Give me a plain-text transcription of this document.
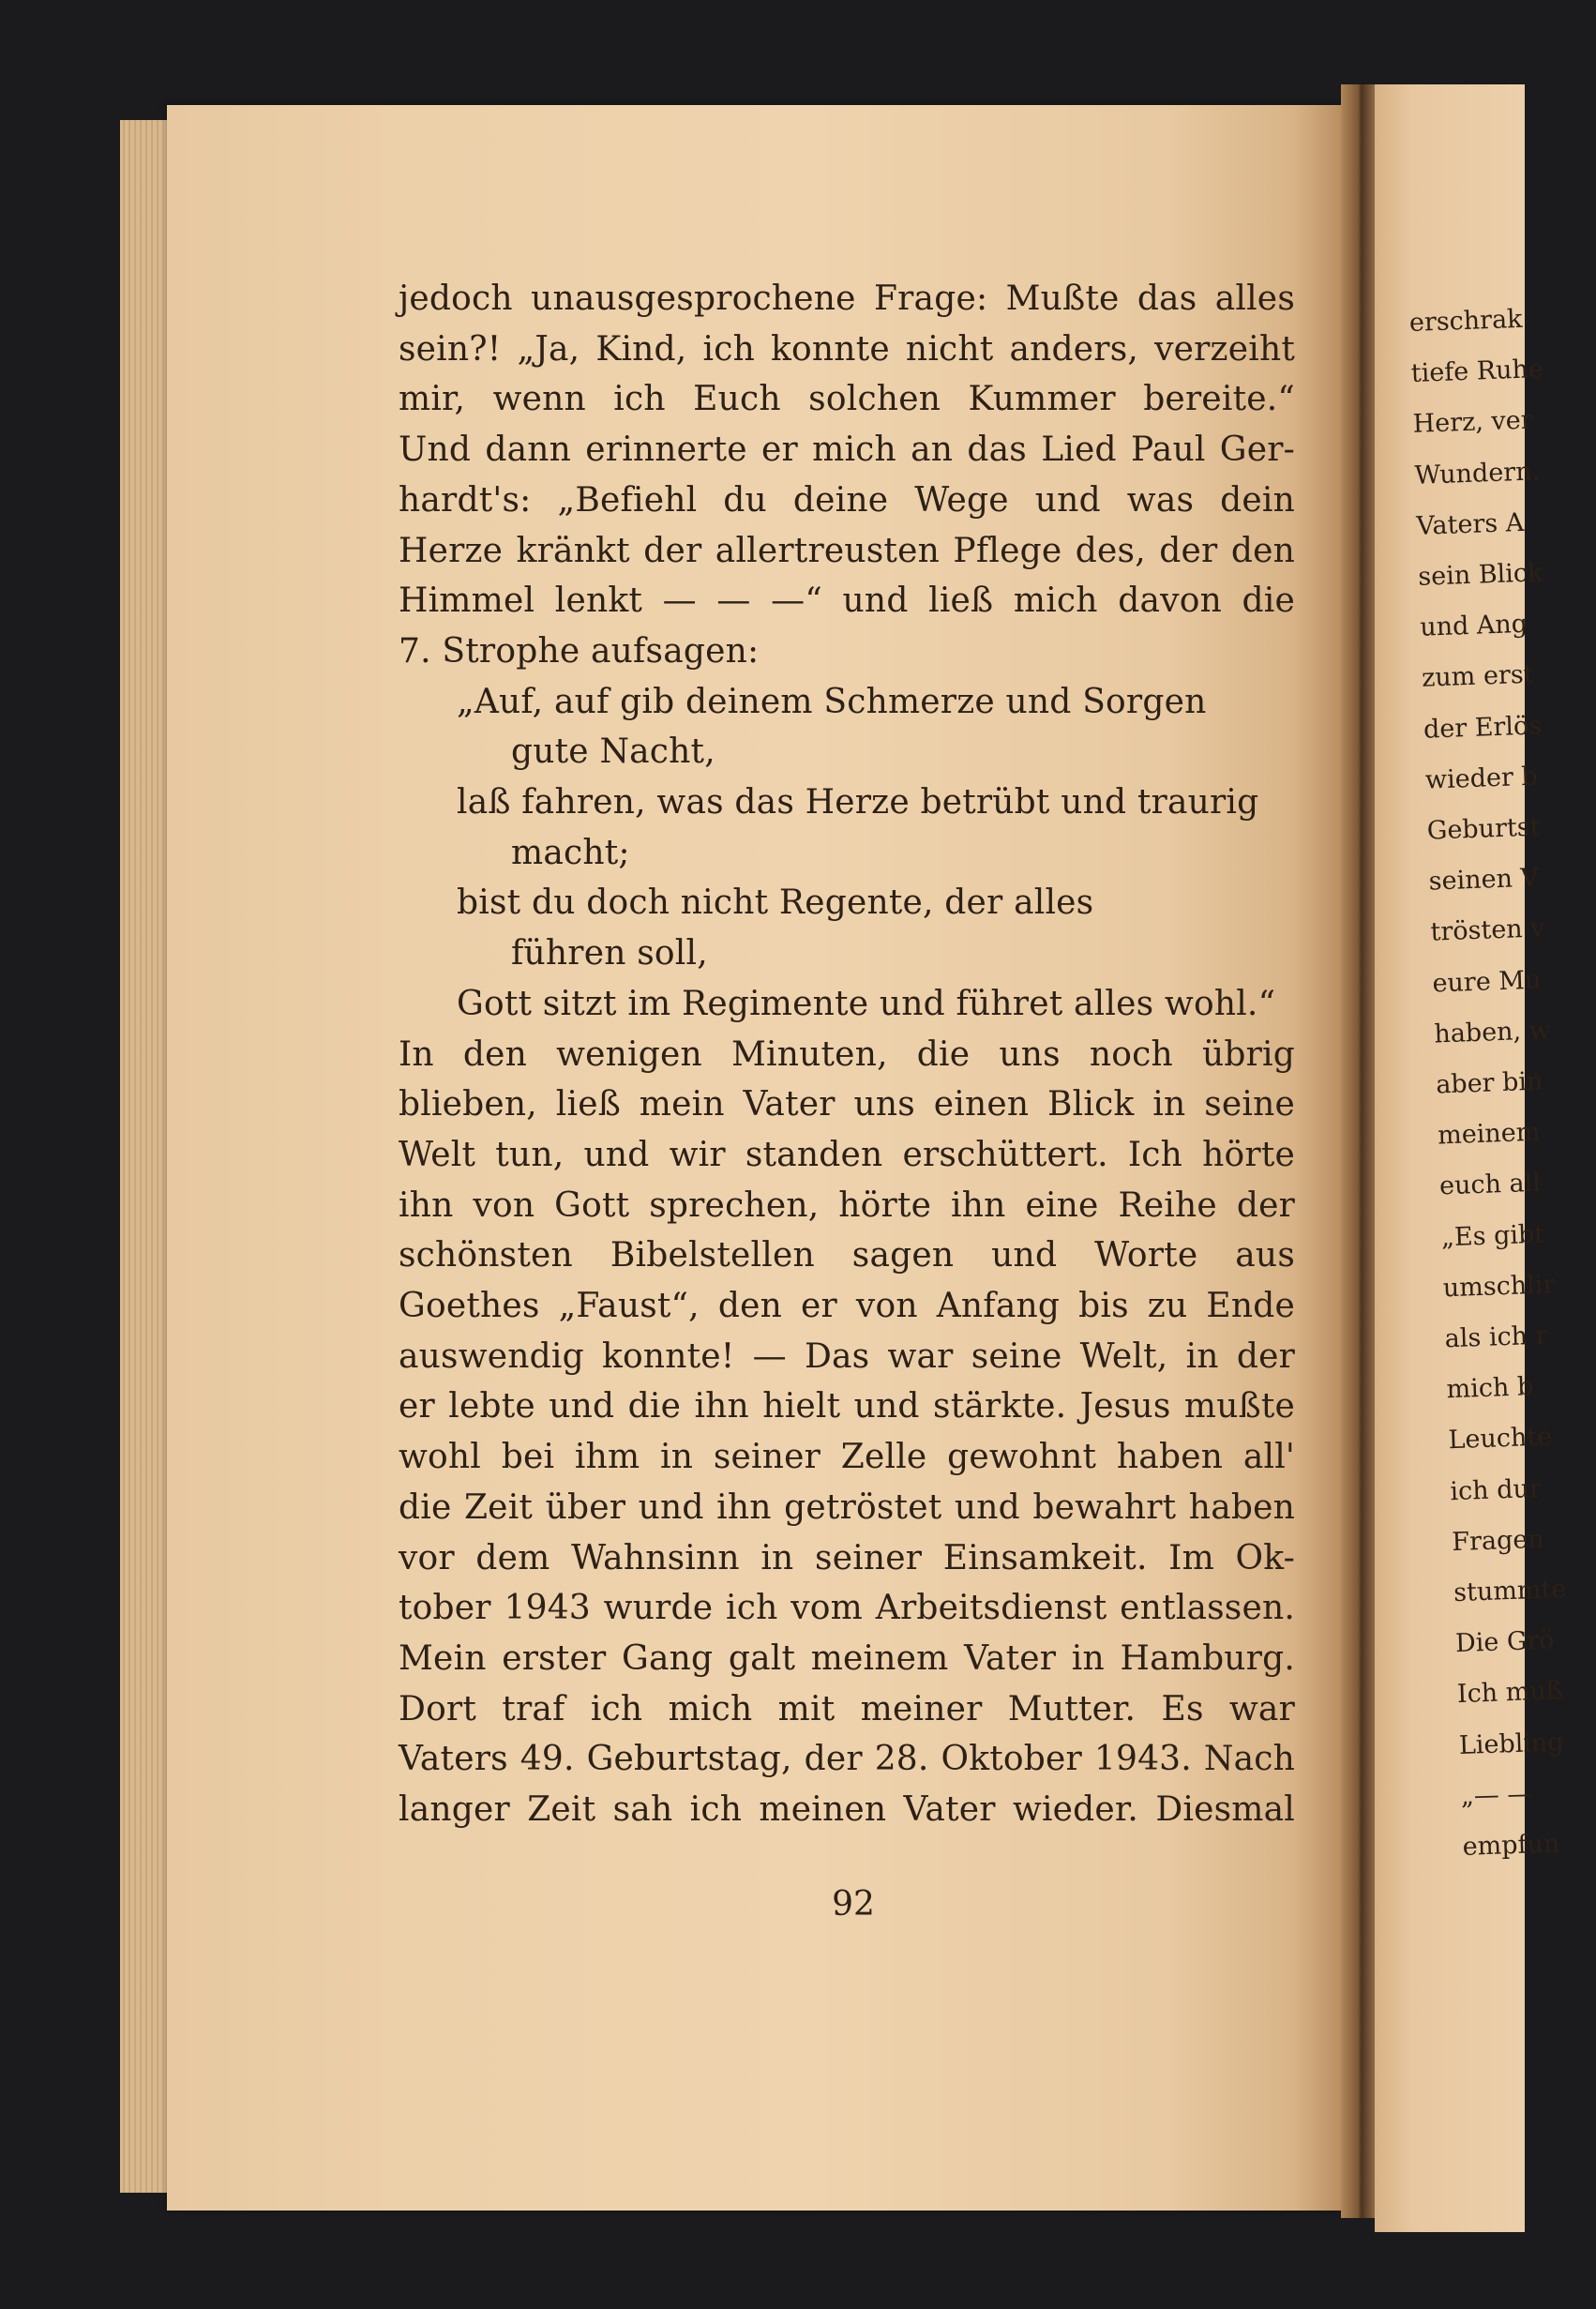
jedoch unausgesprochene Frage: Mußte das alles
sein?! „Ja, Kind, ich konnte nicht anders, verzeiht
mir, wenn ich Euch solchen Kummer bereite.“
Und dann erinnerte er mich an das Lied Paul Ger-
hardt's: „Befiehl du deine Wege und was dein
Herze kränkt der allertreusten Pflege des, der den
Himmel lenkt — — —“ und ließ mich davon die
7. Strophe aufsagen:
„Auf, auf gib deinem Schmerze und Sorgen
gute Nacht,
laß fahren, was das Herze betrübt und traurig
macht;
bist du doch nicht Regente, der alles
führen soll,
Gott sitzt im Regimente und führet alles wohl.“
In den wenigen Minuten, die uns noch übrig
blieben, ließ mein Vater uns einen Blick in seine
Welt tun, und wir standen erschüttert. Ich hörte
ihn von Gott sprechen, hörte ihn eine Reihe der
schönsten Bibelstellen sagen und Worte aus
Goethes „Faust“, den er von Anfang bis zu Ende
auswendig konnte! — Das war seine Welt, in der
er lebte und die ihn hielt und stärkte. Jesus mußte
wohl bei ihm in seiner Zelle gewohnt haben all'
die Zeit über und ihn getröstet und bewahrt haben
vor dem Wahnsinn in seiner Einsamkeit. Im Ok-
tober 1943 wurde ich vom Arbeitsdienst entlassen.
Mein erster Gang galt meinem Vater in Hamburg.
Dort traf ich mich mit meiner Mutter. Es war
Vaters 49. Geburtstag, der 28. Oktober 1943. Nach
langer Zeit sah ich meinen Vater wieder. Diesmal
92
erschrak
tiefe Ruhe
Herz, ver
Wundern.
Vaters A
sein Blick
und Ang
zum erst
der Erlös
wieder b
Geburtst
seinen V
trösten v
eure Mu
haben, w
aber bin
meinem
euch all
„Es gibt
umschlir
als ich r
mich b
Leuchte
ich dur
Fragen
stummte
Die Grö
Ich muß
Liebling
„— —
empfun
